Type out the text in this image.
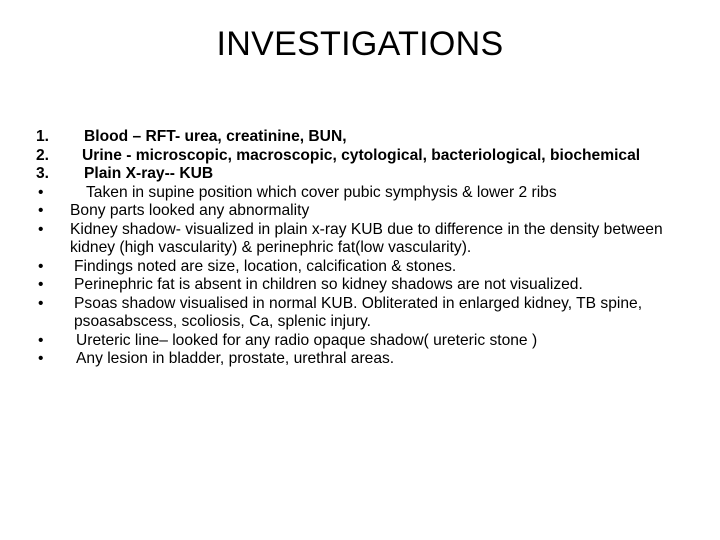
INVESTIGATIONS
1.	Blood – RFT- urea, creatinine, BUN,
2.	Urine - microscopic, macroscopic, cytological, bacteriological, biochemical
3.	Plain X-ray-- KUB
•	Taken in supine position which cover pubic symphysis & lower 2 ribs
•	Bony parts looked any abnormality
•	Kidney shadow- visualized in plain x-ray KUB due to difference in the density between kidney (high vascularity) & perinephric fat(low vascularity).
•	Findings noted are size, location, calcification & stones.
•	Perinephric fat is absent in children so kidney shadows are not visualized.
•	Psoas shadow visualised in normal KUB. Obliterated in enlarged kidney, TB spine, psoasabscess, scoliosis, Ca, splenic injury.
•	Ureteric line– looked for any radio opaque shadow( ureteric stone )
•	Any lesion in bladder, prostate, urethral areas.
